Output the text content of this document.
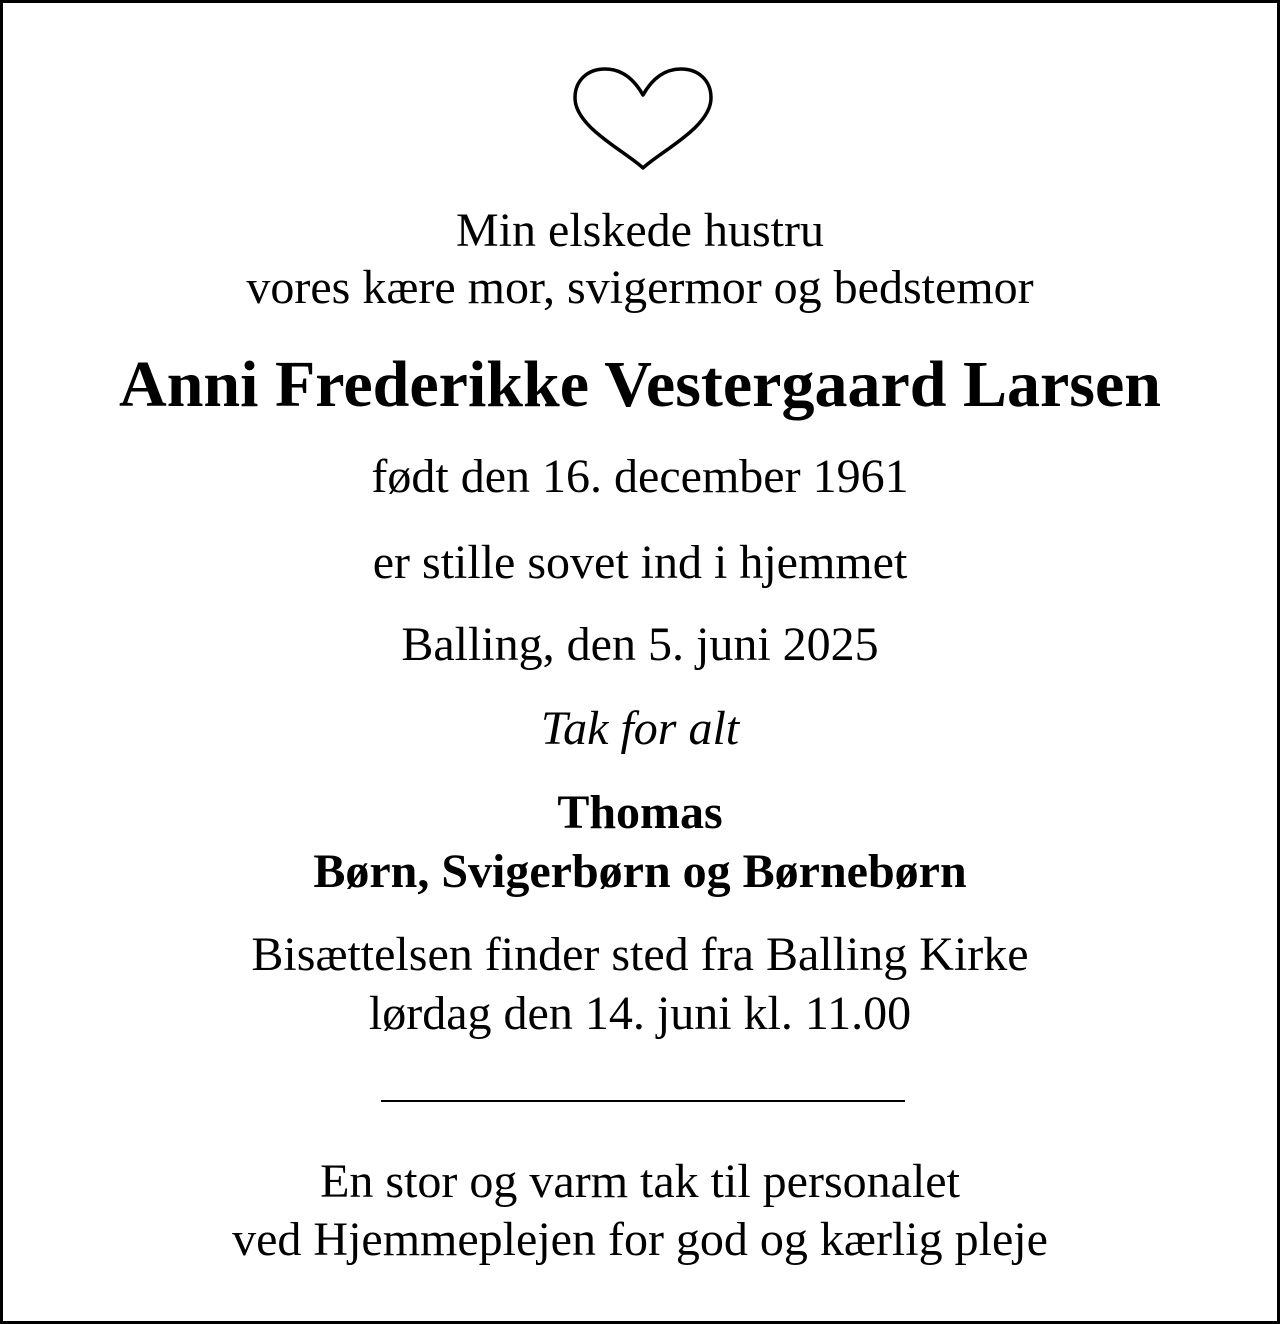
Min elskede hustru
vores kære mor, svigermor og bedstemor
Anni Frederikke Vestergaard Larsen
født den 16. december 1961
er stille sovet ind i hjemmet
Balling, den 5. juni 2025
Tak for alt
Thomas
Børn, Svigerbørn og Børnebørn
Bisættelsen finder sted fra Balling Kirke
lørdag den 14. juni kl. 11.00
En stor og varm tak til personalet
ved Hjemmeplejen for god og kærlig pleje
